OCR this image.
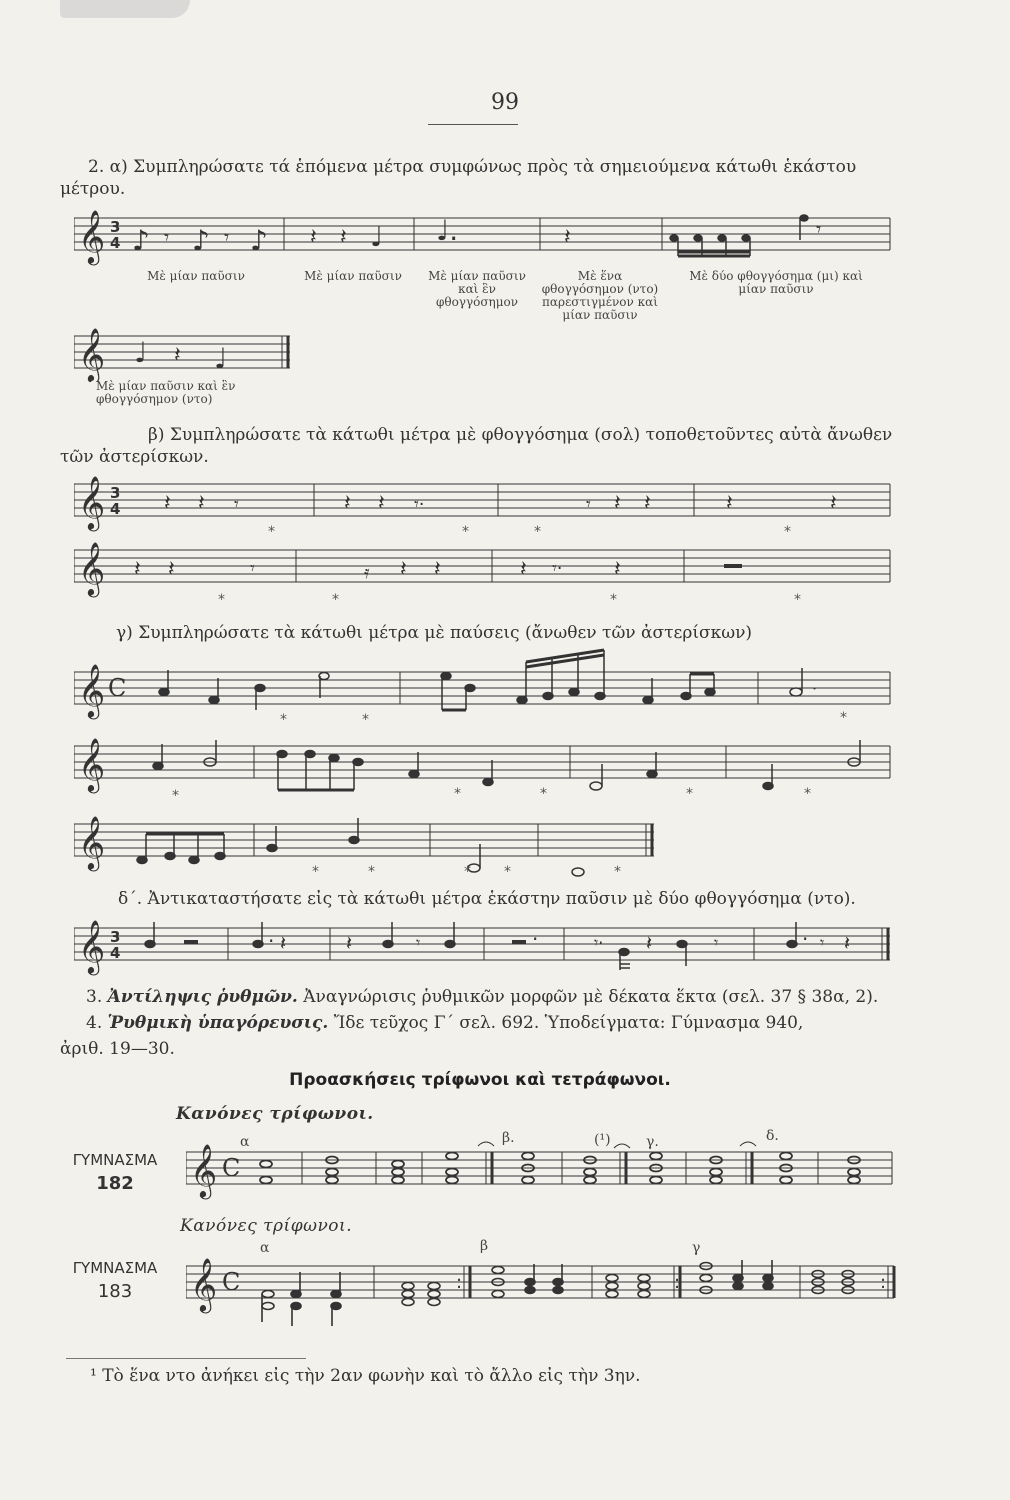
99
2. α) Συμπληρώσατε τά ἑπόμενα μέτρα συμφώνως πρὸς τὰ σημειούμενα κάτωθι ἑκάστου μέτρου.
𝄞 3
4 ♪ 𝄾 ♪ 𝄾 ♪ 𝄽 𝄽 ♩ ♩.	𝄽	𝄾
Μὲ μίαν παῦσιν	Μὲ μίαν παῦσιν	Μὲ μίαν παῦσιν καὶ ἓν φθογγόσημον
Μὲ ἕνα φθογγόσημον (ντο) παρεστιγμένον καὶ μίαν παῦσιν
Μὲ δύο φθογγόσημα (μι) καὶ μίαν παῦσιν
𝄞 ♩ 𝄽 ♩
Μὲ μίαν παῦσιν καὶ ἓν φθογγόσημον (ντο)
β) Συμπληρώσατε τὰ κάτωθι μέτρα μὲ φθογγόσημα (σολ) τοποθετοῦντες αὐτὰ ἄνωθεν τῶν ἀστερίσκων.
𝄞 3
4 𝄽 𝄽 𝄾	𝄽 𝄽 𝄾·	𝄾 𝄽 𝄽	𝄽	𝄽
*	*	*	*
𝄞 𝄽 𝄽	𝄾	𝄿 𝄽 𝄽	𝄽 𝄾· 𝄽
*	*	*	*
γ) Συμπληρώσατε τὰ κάτωθι μέτρα μὲ παύσεις (ἄνωθεν τῶν ἀστερίσκων)
𝄞 C	·
*	*	*
𝄞
*	*	*	*	*
𝄞
*	*	* *	*
δ΄. Ἀντικαταστήσατε εἰς τὰ κάτωθι μέτρα ἑκάστην παῦσιν μὲ δύο φθογγόσημα (ντο).
𝄞 3
4	· 𝄽	𝄽	𝄾	·	𝄾· 𝄽	𝄾	· 𝄾 𝄽
3. Ἀντίληψις ῥυθμῶν. Ἀναγνώρισις ῥυθμικῶν μορφῶν μὲ δέκατα ἕκτα (σελ. 37 § 38α, 2).
4. Ῥυθμικὴ ὑπαγόρευσις. Ἴδε τεῦχος Γ΄ σελ. 692. Ὑποδείγματα: Γύμνασμα 940,
ἀριθ. 19—30.
Προασκήσεις τρίφωνοι καὶ τετράφωνοι.
Κανόνες τρίφωνοι.
ΓΥΜΝΑΣΜΑ
182
α	β.	(¹)	γ.	δ.
𝄞 C
Κανόνες τρίφωνοι.
ΓΥΜΝΑΣΜΑ
183
α	β	γ
𝄞 C	:	:	:
¹ Τὸ ἕνα ντο ἀνήκει εἰς τὴν 2αν φωνὴν καὶ τὸ ἄλλο εἰς τὴν 3ην.
